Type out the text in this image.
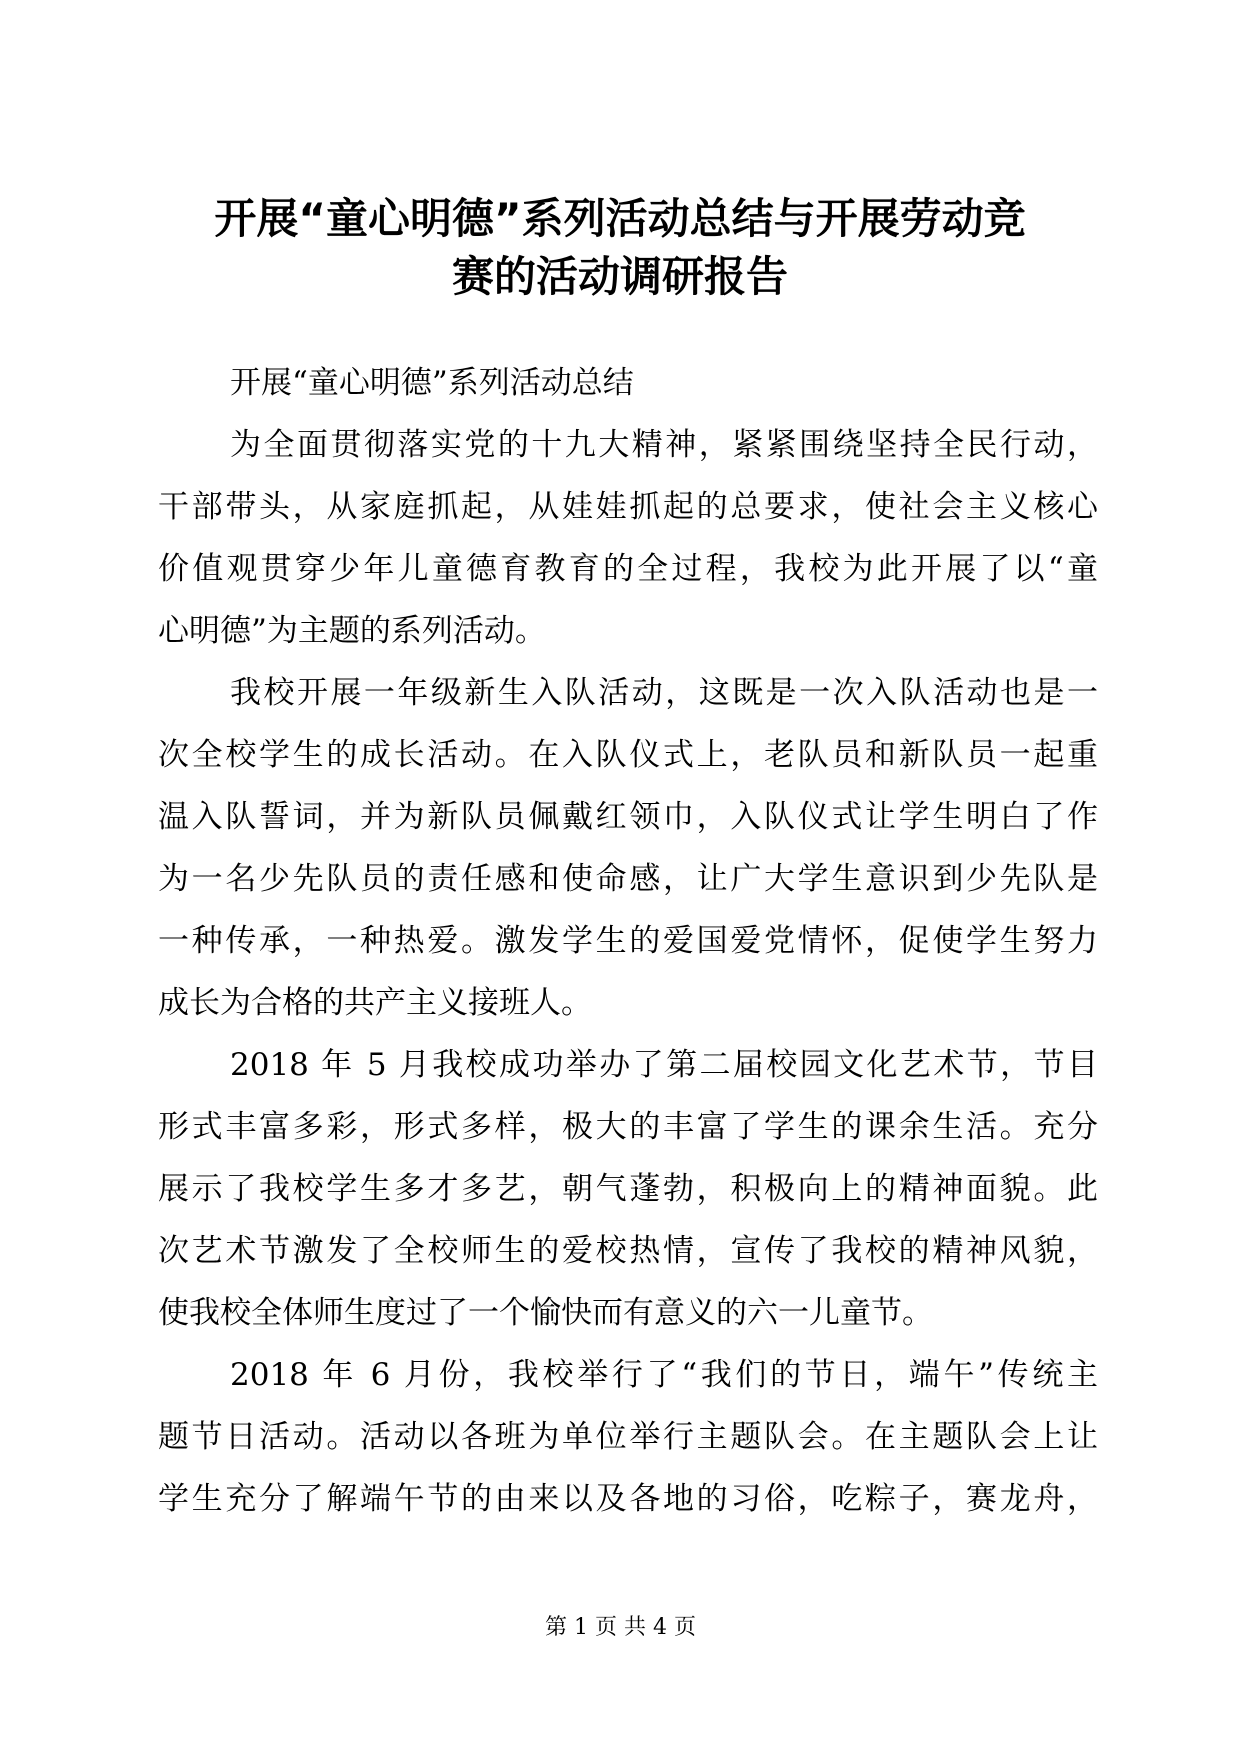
开展“童心明德”系列活动总结与开展劳动竞
赛的活动调研报告

开展“童心明德”系列活动总结

为全面贯彻落实党的十九大精神，紧紧围绕坚持全民行动，
干部带头，从家庭抓起，从娃娃抓起的总要求，使社会主义核心
价值观贯穿少年儿童德育教育的全过程，我校为此开展了以“童
心明德”为主题的系列活动。

我校开展一年级新生入队活动，这既是一次入队活动也是一
次全校学生的成长活动。在入队仪式上，老队员和新队员一起重
温入队誓词，并为新队员佩戴红领巾，入队仪式让学生明白了作
为一名少先队员的责任感和使命感，让广大学生意识到少先队是
一种传承，一种热爱。激发学生的爱国爱党情怀，促使学生努力
成长为合格的共产主义接班人。

2018 年 5 月我校成功举办了第二届校园文化艺术节，节目
形式丰富多彩，形式多样，极大的丰富了学生的课余生活。充分
展示了我校学生多才多艺，朝气蓬勃，积极向上的精神面貌。此
次艺术节激发了全校师生的爱校热情，宣传了我校的精神风貌，
使我校全体师生度过了一个愉快而有意义的六一儿童节。

2018 年 6 月份，我校举行了“我们的节日，端午”传统主
题节日活动。活动以各班为单位举行主题队会。在主题队会上让
学生充分了解端午节的由来以及各地的习俗，吃粽子，赛龙舟，

第 1 页 共 4 页
